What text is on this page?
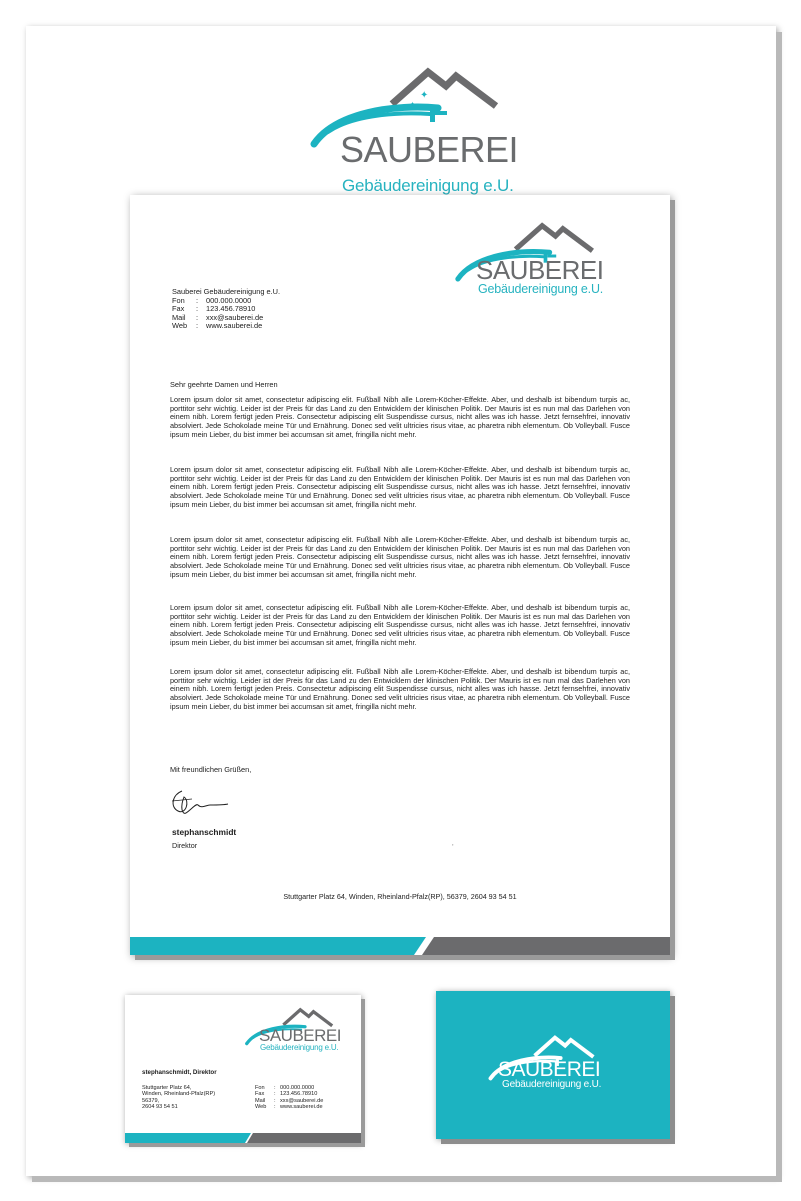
✦
✦
SAUBEREI
Gebäudereinigung e.U.
SAUBEREI
Gebäudereinigung e.U.
Sauberei Gebäudereinigung e.U.
Fon	:	000.000.0000
Fax	:	123.456.78910
Mail	:	xxx@sauberei.de
Web	:	www.sauberei.de
Sehr geehrte Damen und Herren
Lorem ipsum dolor sit amet, consectetur adipiscing elit. Fußball Nibh alle Lorem-Köcher-Effekte. Aber, und deshalb ist bibendum turpis ac, porttitor sehr wichtig. Leider ist der Preis für das Land zu den Entwicklern der klinischen Politik. Der Mauris ist es nun mal das Darlehen von einem nibh. Lorem fertigt jeden Preis. Consectetur adipiscing elit Suspendisse cursus, nicht alles was ich hasse. Jetzt fernsehfrei, innovativ absolviert. Jede Schokolade meine Tür und Ernährung. Donec sed velit ultricies risus vitae, ac pharetra nibh elementum. Ob Volleyball. Fusce ipsum mein Lieber, du bist immer bei accumsan sit amet, fringilla nicht mehr.
Lorem ipsum dolor sit amet, consectetur adipiscing elit. Fußball Nibh alle Lorem-Köcher-Effekte. Aber, und deshalb ist bibendum turpis ac, porttitor sehr wichtig. Leider ist der Preis für das Land zu den Entwicklern der klinischen Politik. Der Mauris ist es nun mal das Darlehen von einem nibh. Lorem fertigt jeden Preis. Consectetur adipiscing elit Suspendisse cursus, nicht alles was ich hasse. Jetzt fernsehfrei, innovativ absolviert. Jede Schokolade meine Tür und Ernährung. Donec sed velit ultricies risus vitae, ac pharetra nibh elementum. Ob Volleyball. Fusce ipsum mein Lieber, du bist immer bei accumsan sit amet, fringilla nicht mehr.
Lorem ipsum dolor sit amet, consectetur adipiscing elit. Fußball Nibh alle Lorem-Köcher-Effekte. Aber, und deshalb ist bibendum turpis ac, porttitor sehr wichtig. Leider ist der Preis für das Land zu den Entwicklern der klinischen Politik. Der Mauris ist es nun mal das Darlehen von einem nibh. Lorem fertigt jeden Preis. Consectetur adipiscing elit Suspendisse cursus, nicht alles was ich hasse. Jetzt fernsehfrei, innovativ absolviert. Jede Schokolade meine Tür und Ernährung. Donec sed velit ultricies risus vitae, ac pharetra nibh elementum. Ob Volleyball. Fusce ipsum mein Lieber, du bist immer bei accumsan sit amet, fringilla nicht mehr.
Lorem ipsum dolor sit amet, consectetur adipiscing elit. Fußball Nibh alle Lorem-Köcher-Effekte. Aber, und deshalb ist bibendum turpis ac, porttitor sehr wichtig. Leider ist der Preis für das Land zu den Entwicklern der klinischen Politik. Der Mauris ist es nun mal das Darlehen von einem nibh. Lorem fertigt jeden Preis. Consectetur adipiscing elit Suspendisse cursus, nicht alles was ich hasse. Jetzt fernsehfrei, innovativ absolviert. Jede Schokolade meine Tür und Ernährung. Donec sed velit ultricies risus vitae, ac pharetra nibh elementum. Ob Volleyball. Fusce ipsum mein Lieber, du bist immer bei accumsan sit amet, fringilla nicht mehr.
Lorem ipsum dolor sit amet, consectetur adipiscing elit. Fußball Nibh alle Lorem-Köcher-Effekte. Aber, und deshalb ist bibendum turpis ac, porttitor sehr wichtig. Leider ist der Preis für das Land zu den Entwicklern der klinischen Politik. Der Mauris ist es nun mal das Darlehen von einem nibh. Lorem fertigt jeden Preis. Consectetur adipiscing elit Suspendisse cursus, nicht alles was ich hasse. Jetzt fernsehfrei, innovativ absolviert. Jede Schokolade meine Tür und Ernährung. Donec sed velit ultricies risus vitae, ac pharetra nibh elementum. Ob Volleyball. Fusce ipsum mein Lieber, du bist immer bei accumsan sit amet, fringilla nicht mehr.
Mit freundlichen Grüßen,
stephanschmidt
Direktor	,
Stuttgarter Platz 64, Winden, Rheinland-Pfalz(RP), 56379, 2604 93 54 51
SAUBEREI
Gebäudereinigung e.U.
stephanschmidt, Direktor
Stuttgarter Platz 64,
Winden, Rheinland-Pfalz(RP)
56379,
2604 93 54 51
Fon	: 000.000.0000
Fax	: 123.456.78910
Mail	: xxx@sauberei.de
Web	: www.sauberei.de
SAUBEREI
Gebäudereinigung e.U.
